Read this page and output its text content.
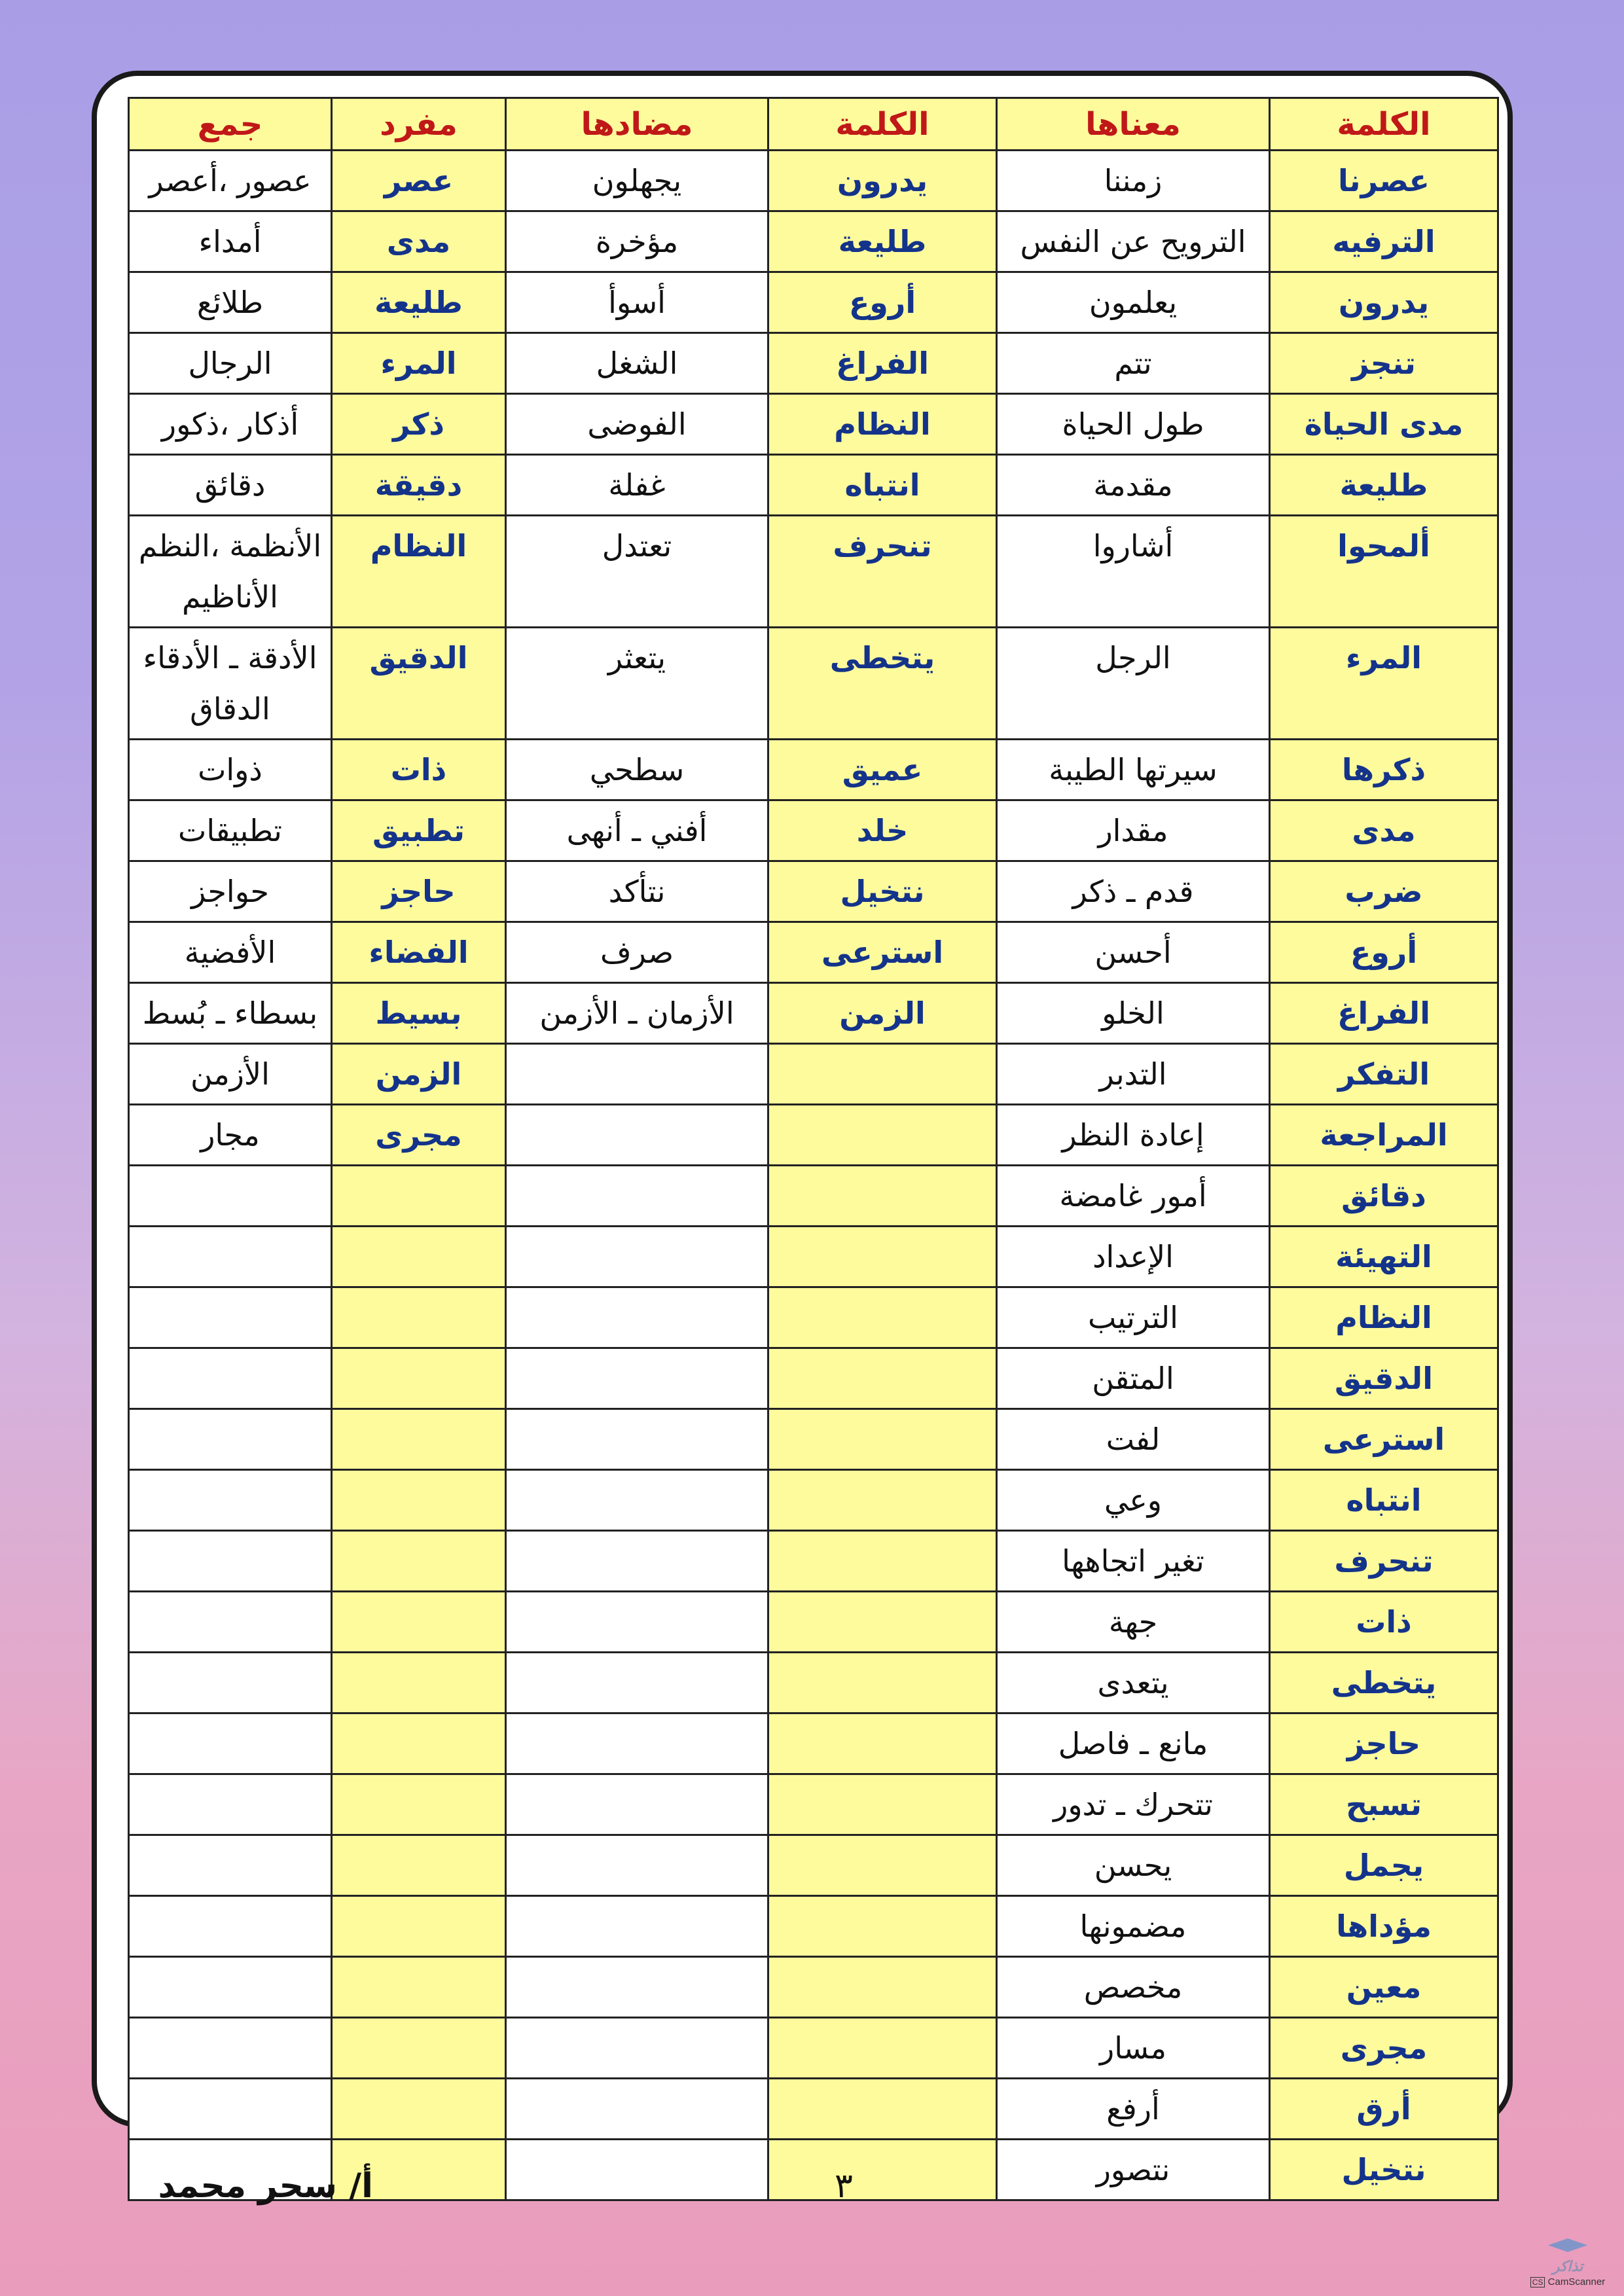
الكلمة	معناها	الكلمة	مضادها	مفرد	جمع
عصرنا	زمننا	يدرون	يجهلون	عصر	عصور ،أعصر
الترفيه	الترويح عن النفس	طليعة	مؤخرة	مدى	أمداء
يدرون	يعلمون	أروع	أسوأ	طليعة	طلائع
تنجز	تتم	الفراغ	الشغل	المرء	الرجال
مدى الحياة	طول الحياة	النظام	الفوضى	ذكر	أذكار ،ذكور
طليعة	مقدمة	انتباه	غفلة	دقيقة	دقائق
ألمحوا	أشاروا	تنحرف	تعتدل	النظام	الأنظمة ،النظم الأناظيم
المرء	الرجل	يتخطى	يتعثر	الدقيق	الأدقة ـ الأدقاء الدقاق
ذكرها	سيرتها الطيبة	عميق	سطحي	ذات	ذوات
مدى	مقدار	خلد	أفني ـ أنهى	تطبيق	تطبيقات
ضرب	قدم ـ ذكر	نتخيل	نتأكد	حاجز	حواجز
أروع	أحسن	استرعى	صرف	الفضاء	الأفضية
الفراغ	الخلو	الزمن	الأزمان ـ الأزمن	بسيط	بسطاء ـ بُسط
التفكر	التدبر			الزمن	الأزمن
المراجعة	إعادة النظر			مجرى	مجار
دقائق	أمور غامضة				
التهيئة	الإعداد				
النظام	الترتيب				
الدقيق	المتقن				
استرعى	لفت				
انتباه	وعي				
تنحرف	تغير اتجاهها				
ذات	جهة				
يتخطى	يتعدى				
حاجز	مانع ـ فاصل				
تسبح	تتحرك ـ تدور				
يجمل	يحسن				
مؤداها	مضمونها				
معين	مخصص				
مجرى	مسار				
أرق	أرفع				
نتخيل	نتصور				
أ/ سحر محمد	٣
تذاكر
CS CamScanner
